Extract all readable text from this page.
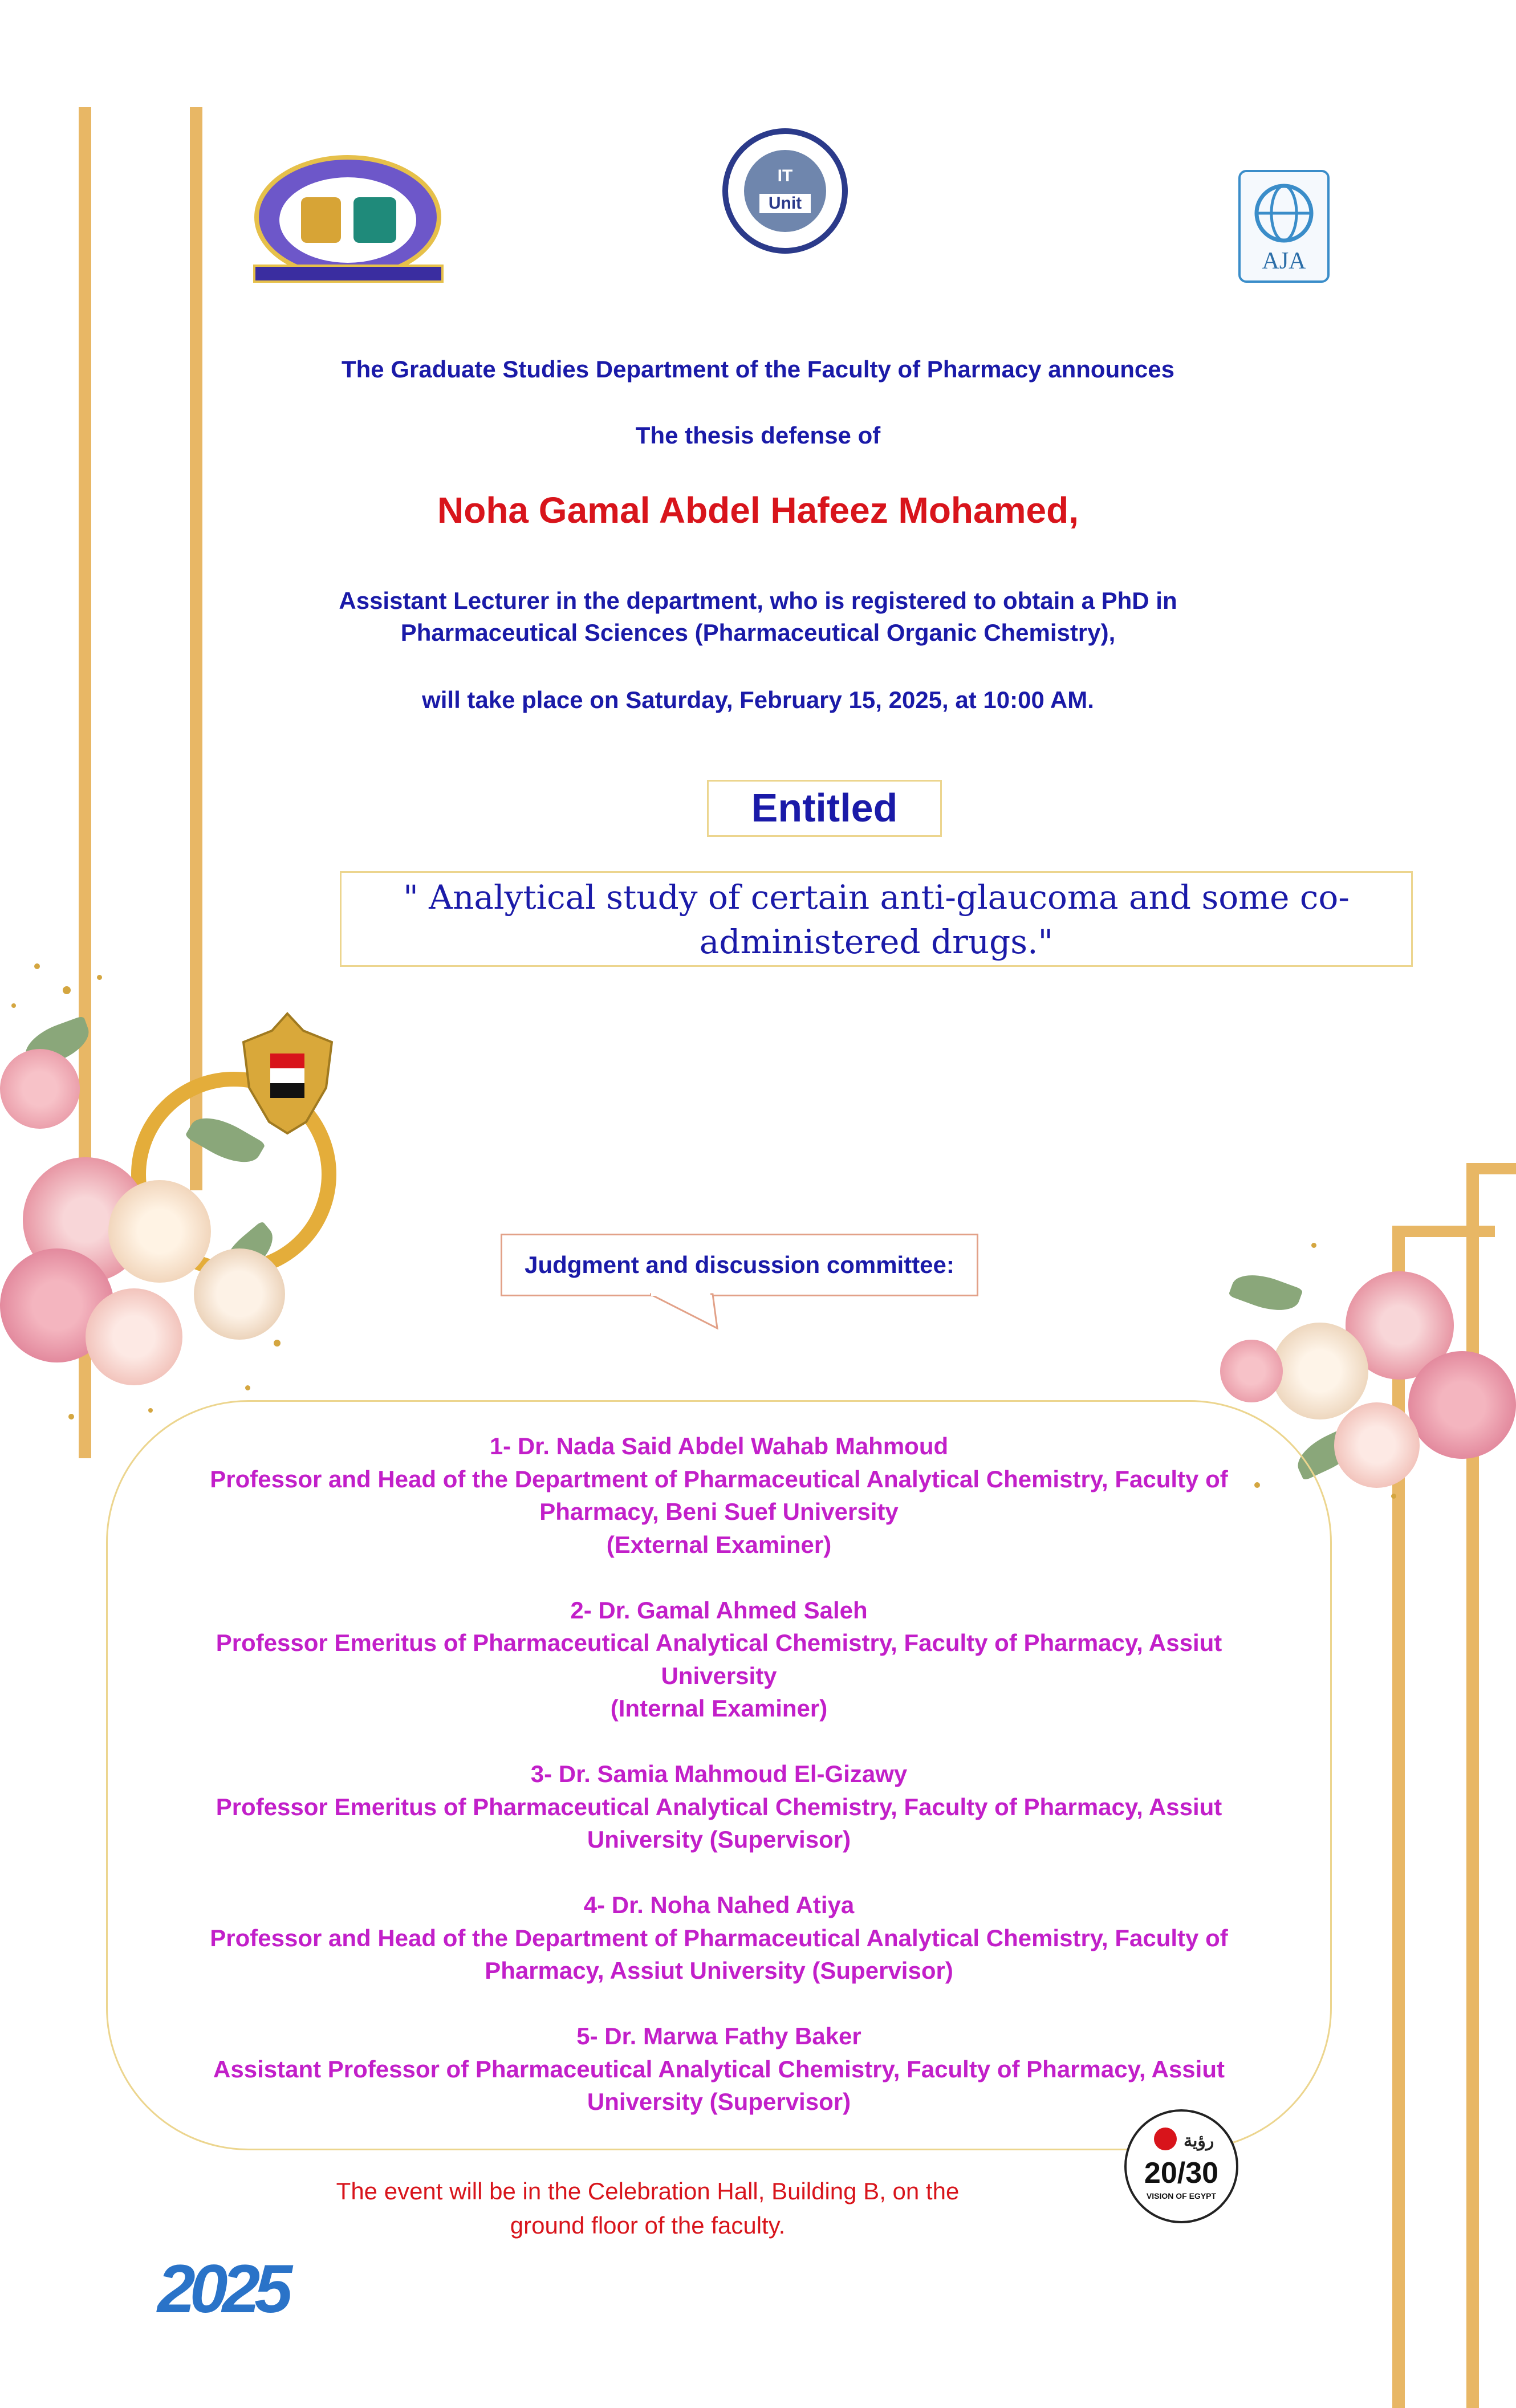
IT
Unit
AJA
The Graduate Studies Department of the Faculty of Pharmacy announces
The thesis defense of
Noha Gamal Abdel Hafeez Mohamed,
Assistant Lecturer in the department, who is registered to obtain a PhD in
Pharmaceutical Sciences (Pharmaceutical Organic Chemistry),
will take place on Saturday, February 15, 2025, at 10:00 AM.
Entitled
" Analytical study of certain anti-glaucoma and some co-
administered drugs."
Judgment and discussion committee:
1- Dr. Nada Said Abdel Wahab Mahmoud
Professor and Head of the Department of Pharmaceutical Analytical Chemistry, Faculty of
Pharmacy, Beni Suef University
(External Examiner)
2- Dr. Gamal Ahmed Saleh
Professor Emeritus of Pharmaceutical Analytical Chemistry, Faculty of Pharmacy, Assiut
University
(Internal Examiner)
3- Dr. Samia Mahmoud El-Gizawy
Professor Emeritus of Pharmaceutical Analytical Chemistry, Faculty of Pharmacy, Assiut
University (Supervisor)
4- Dr. Noha Nahed Atiya
Professor and Head of the Department of Pharmaceutical Analytical Chemistry, Faculty of
Pharmacy, Assiut University (Supervisor)
5- Dr. Marwa Fathy Baker
Assistant Professor of Pharmaceutical Analytical Chemistry, Faculty of Pharmacy, Assiut
University (Supervisor)
رؤية
20/30
VISION OF EGYPT
The event will be in the Celebration Hall, Building B, on the
ground floor of the faculty.
2025
